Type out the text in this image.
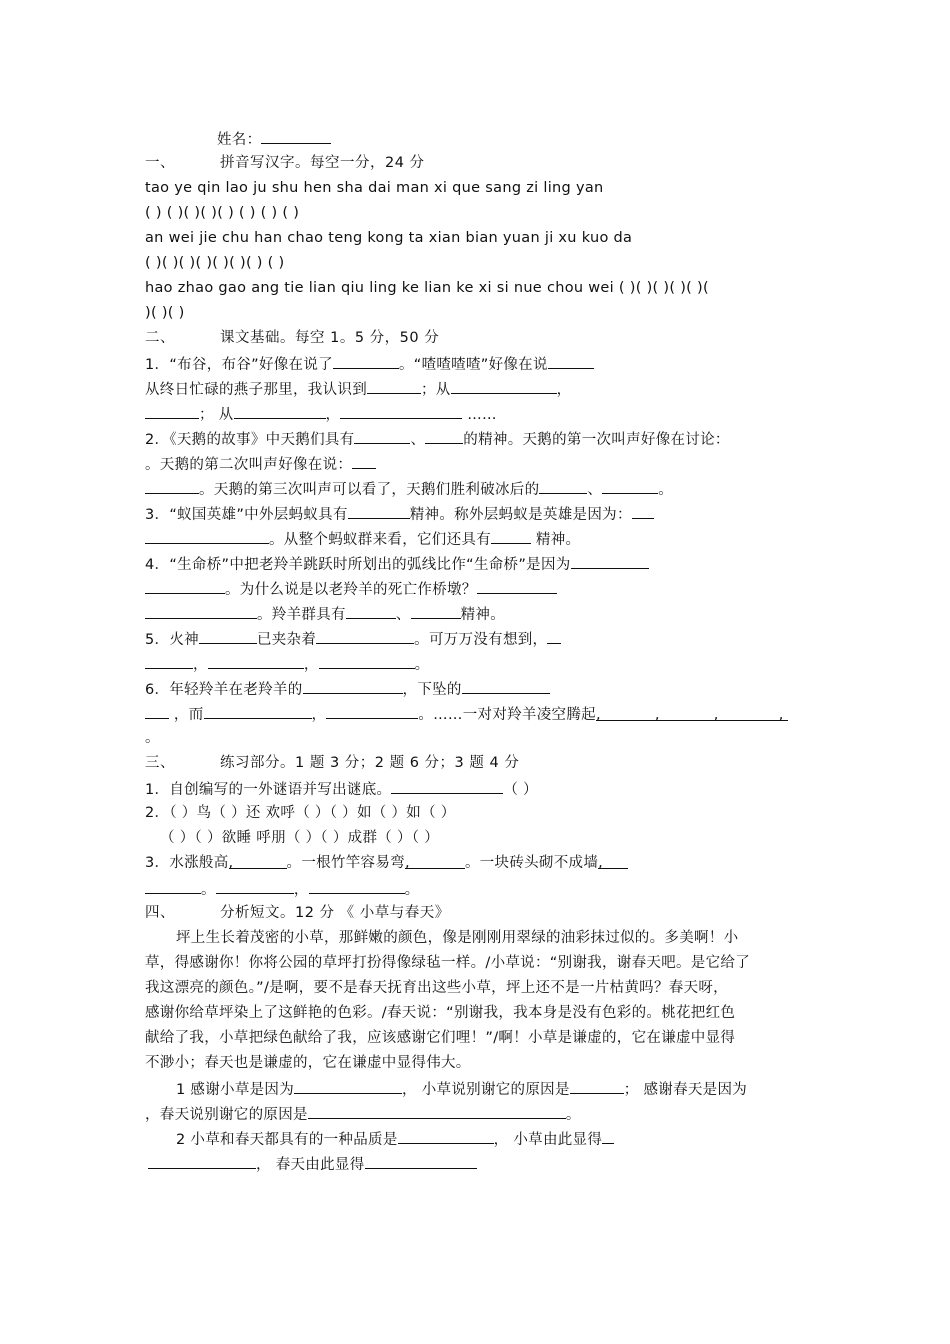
姓名：
一、	拼音写汉字。每空一分，24 分
tao ye qin lao ju shu hen sha dai man xi que sang zi ling yan
( ) ( )( )( )( ) ( ) ( ) ( )
an wei jie chu han chao teng kong ta xian bian yuan ji xu kuo da
( )( )( )( )( )( )( ) ( )
hao zhao gao ang tie lian qiu ling ke lian ke xi si nue chou wei ( )( )( )( )( )(
)( )( )
二、	课文基础。每空 1。5 分，50 分
1．“布谷，布谷”好像在说了	。“喳喳喳喳”好像在说
从终日忙碌的燕子那里，我认识到	；从	，
； 从	，	……
2．《天鹅的故事》中天鹅们具有	、	的精神。天鹅的第一次叫声好像在讨论：
。天鹅的第二次叫声好像在说：
。天鹅的第三次叫声可以看了，天鹅们胜利破冰后的	、	。
3．“蚁国英雄”中外层蚂蚁具有	精神。称外层蚂蚁是英雄是因为：
。从整个蚂蚁群来看，它们还具有	精神。
4．“生命桥”中把老羚羊跳跃时所划出的弧线比作“生命桥”是因为
。为什么说是以老羚羊的死亡作桥墩？
。羚羊群具有	、	精神。
5．火神	已夹杂着	。可万万没有想到，
，	，	。
6．年轻羚羊在老羚羊的	，下坠的
，而	，	。……一对对羚羊凌空腾起,	,	,	,
。
三、	练习部分。1 题 3 分；2 题 6 分；3 题 4 分
1．自创编写的一外谜语并写出谜底。	（ ）
2．（ ）鸟（ ）还 欢呼（ ）（ ）如（ ）如（ ）
（ ）（ ）欲睡 呼朋（ ）（ ）成群（ ）（ ）
3．水涨般高,	。一根竹竿容易弯,	。一块砖头砌不成墙,
。	，	。
四、	分析短文。12 分 《 小草与春天》
坪上生长着茂密的小草，那鲜嫩的颜色，像是刚刚用翠绿的油彩抹过似的。多美啊！小
草，得感谢你！你将公园的草坪打扮得像绿毡一样。/小草说：“别谢我，谢春天吧。是它给了
我这漂亮的颜色。”/是啊，要不是春天抚育出这些小草，坪上还不是一片枯黄吗？春天呀，
感谢你给草坪染上了这鲜艳的色彩。/春天说：“别谢我，我本身是没有色彩的。桃花把红色
献给了我，小草把绿色献给了我，应该感谢它们哩！”/啊！小草是谦虚的，它在谦虚中显得
不渺小；春天也是谦虚的，它在谦虚中显得伟大。
1 感谢小草是因为	， 小草说别谢它的原因是	； 感谢春天是因为
，春天说别谢它的原因是	。
2 小草和春天都具有的一种品质是	， 小草由此显得
， 春天由此显得
